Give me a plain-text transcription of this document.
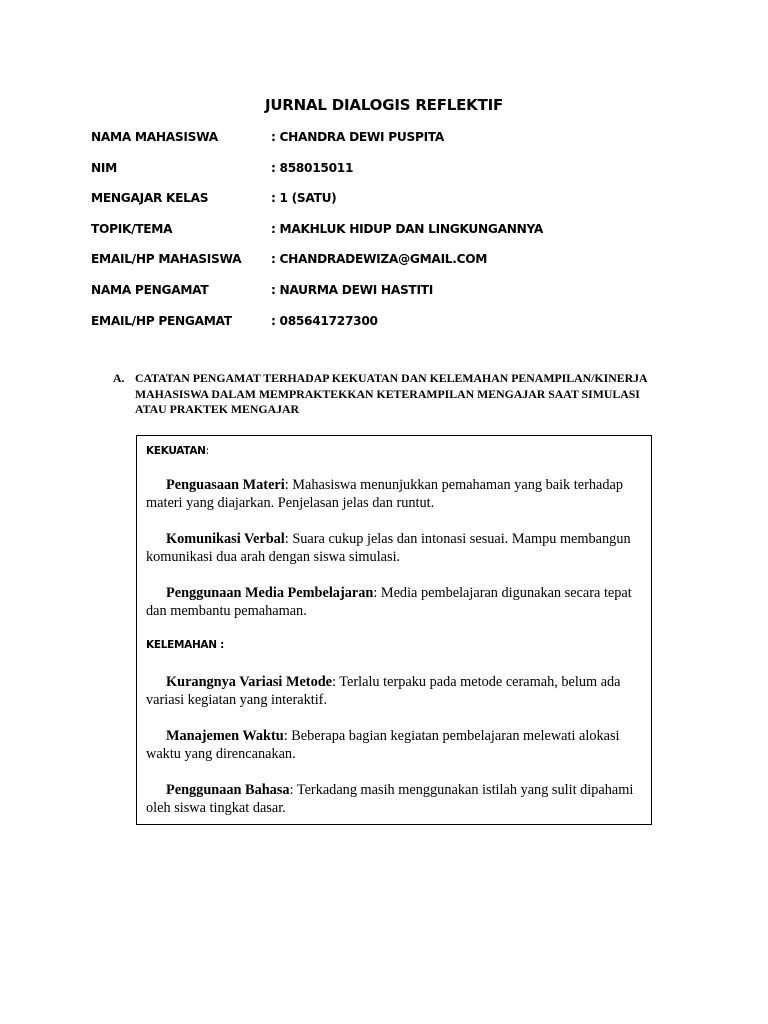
JURNAL DIALOGIS REFLEKTIF
NAMA MAHASISWA	: CHANDRA DEWI PUSPITA
NIM	: 858015011
MENGAJAR KELAS	: 1 (SATU)
TOPIK/TEMA	: MAKHLUK HIDUP DAN LINGKUNGANNYA
EMAIL/HP MAHASISWA	: CHANDRADEWIZA@GMAIL.COM
NAMA PENGAMAT	: NAURMA DEWI HASTITI
EMAIL/HP PENGAMAT	: 085641727300
A. CATATAN PENGAMAT TERHADAP KEKUATAN DAN KELEMAHAN PENAMPILAN/KINERJA MAHASISWA DALAM MEMPRAKTEKKAN KETERAMPILAN MENGAJAR SAAT SIMULASI ATAU PRAKTEK MENGAJAR
KEKUATAN:

Penguasaan Materi: Mahasiswa menunjukkan pemahaman yang baik terhadap materi yang diajarkan. Penjelasan jelas dan runtut.

Komunikasi Verbal: Suara cukup jelas dan intonasi sesuai. Mampu membangun komunikasi dua arah dengan siswa simulasi.

Penggunaan Media Pembelajaran: Media pembelajaran digunakan secara tepat dan membantu pemahaman.

KELEMAHAN :

Kurangnya Variasi Metode: Terlalu terpaku pada metode ceramah, belum ada variasi kegiatan yang interaktif.

Manajemen Waktu: Beberapa bagian kegiatan pembelajaran melewati alokasi waktu yang direncanakan.

Penggunaan Bahasa: Terkadang masih menggunakan istilah yang sulit dipahami oleh siswa tingkat dasar.
